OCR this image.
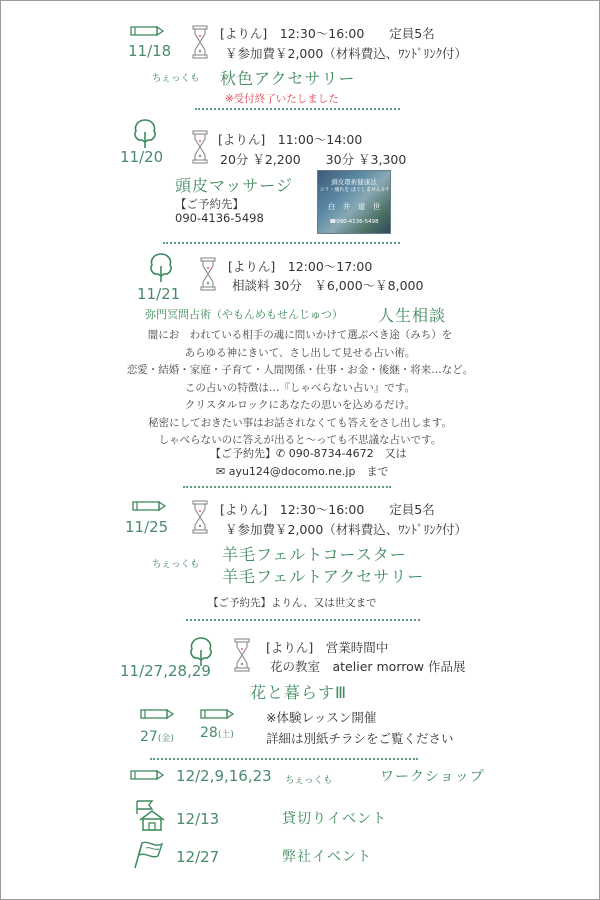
11/18
[よりん]　12:30〜16:00　　定員5名
￥参加費￥2,000（材料費込、ﾜﾝﾄﾞﾘﾝｸ付）
ちぇっくも 秋色アクセサリー
※受付終了いたしました
11/20
[よりん]　11:00〜14:00
20分 ￥2,200　　30分 ￥3,300
頭皮マッサージ
【ご予約先】
090-4136-5498
頭皮環術健康法
コリ・痛れを ほぐしませんか?
白　井　道　世
☎090-4136-5498
11/21
[よりん]　12:00〜17:00
相談料 30分　￥6,000〜￥8,000
弥門冥問占術（やもんめもせんじゅつ） 人生相談
闇にお　われている相手の魂に問いかけて選ぶべき途（みち）を
あらゆる神にきいて、さし出して見せる占い術。
恋愛・結婚・家庭・子育て・人間関係・仕事・お金・後継・将来…など。
この占いの特徴は…『しゃべらない占い』です。
クリスタルロックにあなたの思いを込めるだけ。
秘密にしておきたい事はお話されなくても答えをさし出します。
しゃべらないのに答えが出ると〜っても不思議な占いです。
【ご予約先】✆ 090-8734-4672　又は
✉ ayu124@docomo.ne.jp　まで
11/25
[よりん]　12:30〜16:00　　定員5名
￥参加費￥2,000（材料費込、ﾜﾝﾄﾞﾘﾝｸ付）
ちぇっくも
羊毛フェルトコースター
羊毛フェルトアクセサリー
【ご予約先】よりん、又は世文まで
11/27,28,29
[よりん]　営業時間中
花の教室　atelier morrow 作品展
花と暮らすⅢ
27(金) 28(土)
※体験レッスン開催
詳細は別紙チラシをご覧ください
12/2,9,16,23 ちぇっくも	ワークショップ
12/13	貸切りイベント
12/27	弊社イベント
